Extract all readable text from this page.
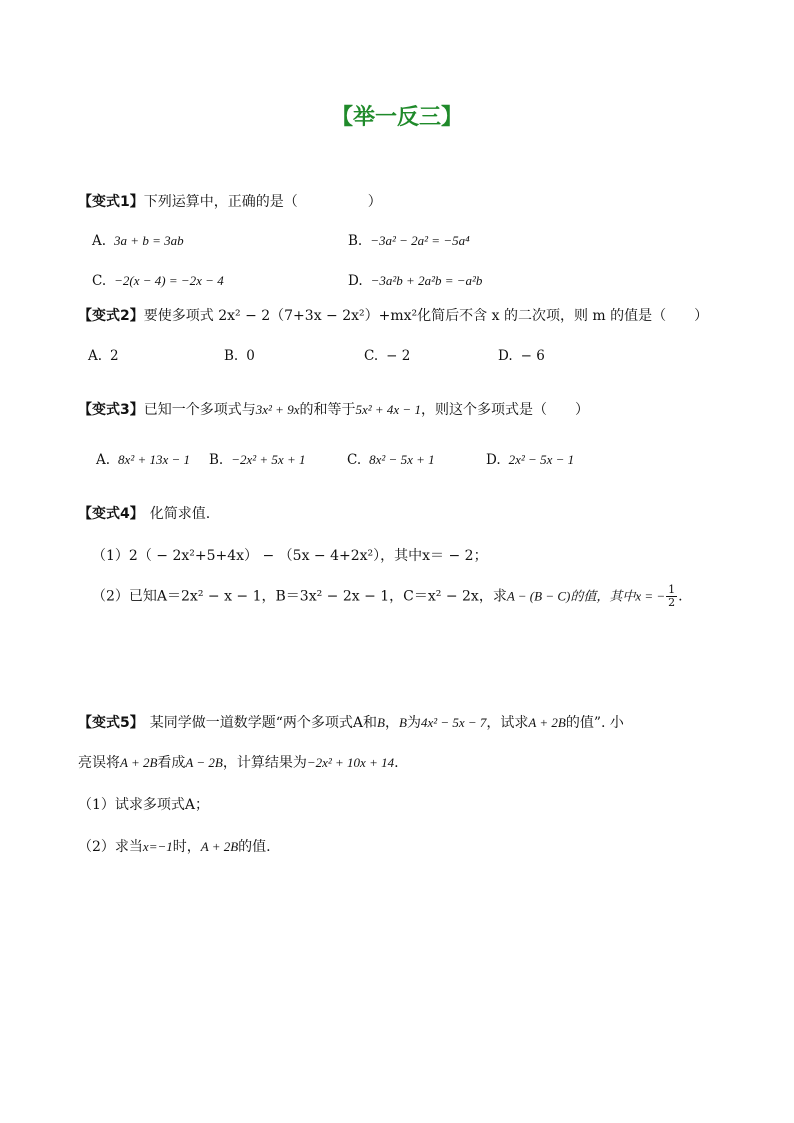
【举一反三】
【变式1】下列运算中，正确的是（　　　　　）
A. 3a + b = 3ab	B. −3a² − 2a² = −5a⁴
C. −2(x − 4) = −2x − 4	D. −3a²b + 2a²b = −a²b
【变式2】要使多项式 2x² − 2（7+3x − 2x²）+mx²化简后不含 x 的二次项，则 m 的值是（　　）
A. 2	B. 0	C. − 2	D. − 6
【变式3】已知一个多项式与3x² + 9x的和等于5x² + 4x − 1，则这个多项式是（　　）
A. 8x² + 13x − 1 B. −2x² + 5x + 1	C. 8x² − 5x + 1	D. 2x² − 5x − 1
【变式4】 化简求值.
（1）2（ − 2x²+5+4x） − （5x − 4+2x²），其中x＝ − 2；
（2）已知A＝2x² − x − 1，B＝3x² − 2x − 1，C＝x² − 2x，求A − (B − C)的值，其中x = − $\frac{1}{2}$ .
【变式5】 某同学做一道数学题“两个多项式A和B，B为4x² − 5x − 7，试求A + 2B的值”. 小
亮误将A + 2B看成A − 2B，计算结果为−2x² + 10x + 14.
（1）试求多项式A；
（2）求当x=−1时，A + 2B的值.
